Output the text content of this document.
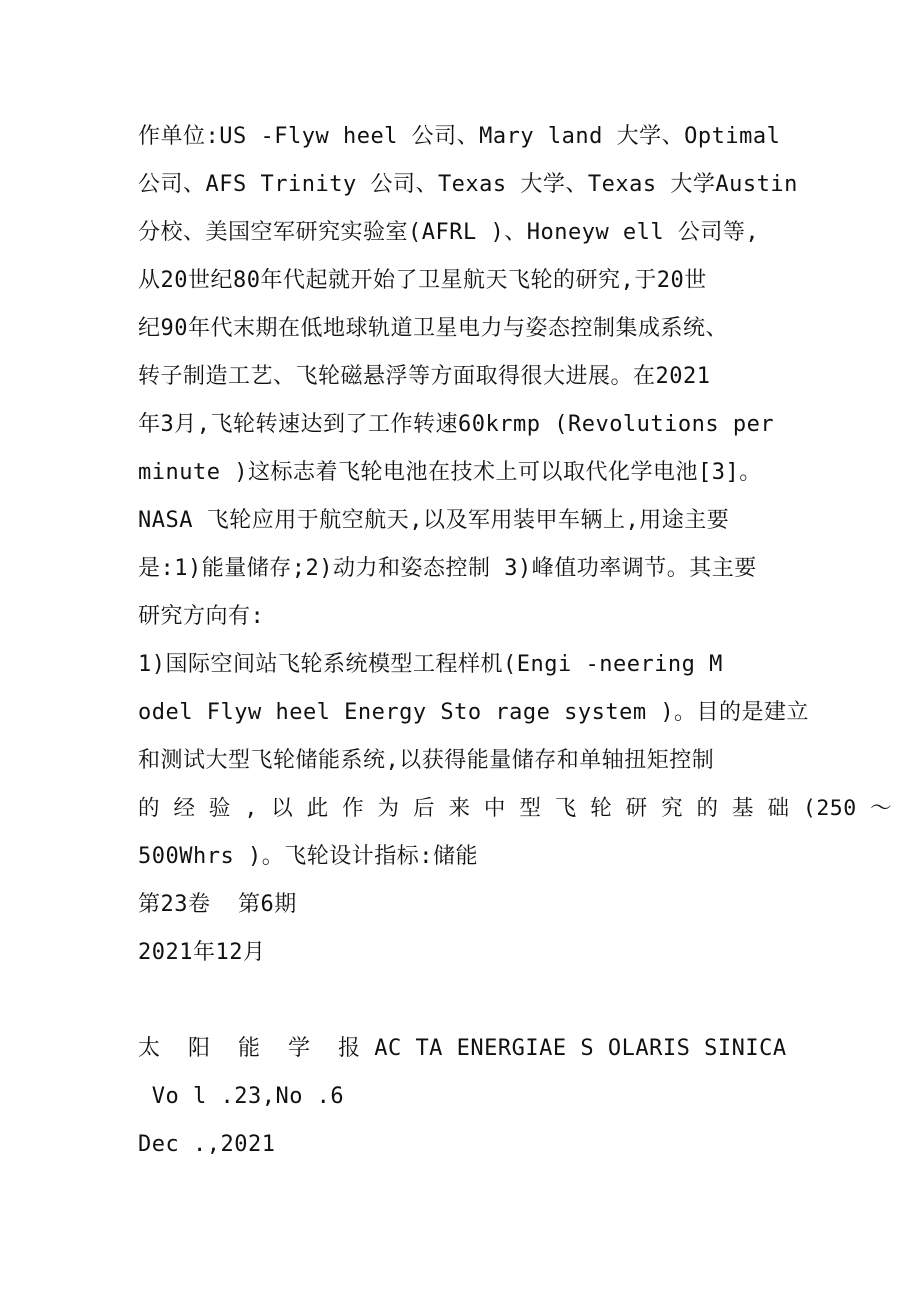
作单位:US -Flyw heel 公司、Mary land 大学、Optimal
公司、AFS Trinity 公司、Texas 大学、Texas 大学Austin
分校、美国空军研究实验室(AFRL )、Honeyw ell 公司等,
从20世纪80年代起就开始了卫星航天飞轮的研究,于20世
纪90年代末期在低地球轨道卫星电力与姿态控制集成系统、
转子制造工艺、飞轮磁悬浮等方面取得很大进展。在2021
年3月,飞轮转速达到了工作转速60krmp (Revolutions per
minute )这标志着飞轮电池在技术上可以取代化学电池[3]。
NASA 飞轮应用于航空航天,以及军用装甲车辆上,用途主要
是:1)能量储存;2)动力和姿态控制 3)峰值功率调节。其主要
研究方向有:
1)国际空间站飞轮系统模型工程样机(Engi -neering M
odel Flyw heel Energy Sto rage system )。目的是建立
和测试大型飞轮储能系统,以获得能量储存和单轴扭矩控制
的 经 验 , 以 此 作 为 后 来 中 型 飞 轮 研 究 的 基 础 (250 ～
500Whrs )。飞轮设计指标:储能
第23卷  第6期
2021年12月
太  阳  能  学  报 AC TA ENERGIAE S OLARIS SINICA
Vo l .23,No .6
Dec .,2021
